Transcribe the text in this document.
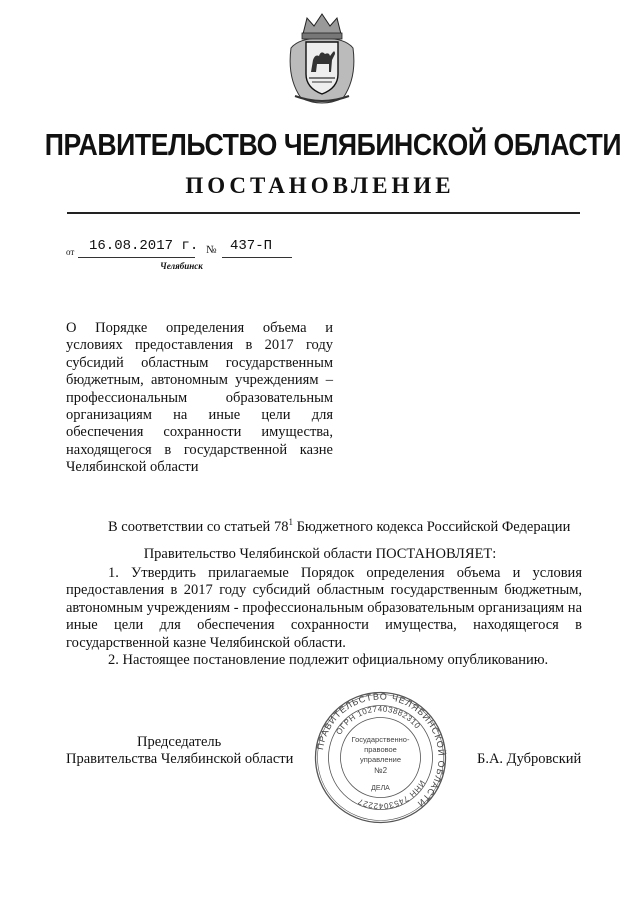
ПРАВИТЕЛЬСТВО ЧЕЛЯБИНСКОЙ ОБЛАСТИ
ПОСТАНОВЛЕНИЕ
от 16.08.2017 г. № 437-П
Челябинск

О Порядке определения объема и условиях предоставления в 2017 году субсидий областным государственным бюджетным, автономным учреждениям – профессиональным образовательным организациям на иные цели для обеспечения сохранности имущества, находящегося в государственной казне Челябинской области

В соответствии со статьей $78^1$ Бюджетного кодекса Российской Федерации

Правительство Челябинской области ПОСТАНОВЛЯЕТ:

1. Утвердить прилагаемые Порядок определения объема и условия предоставления в 2017 году субсидий областным государственным бюджетным, автономным учреждениям - профессиональным образовательным организациям на иные цели для обеспечения сохранности имущества, находящегося в государственной казне Челябинской области.

2. Настоящее постановление подлежит официальному опубликованию.

Председатель
Правительства Челябинской области	Б.А. Дубровский
ПРАВИТЕЛЬСТВО ЧЕЛЯБИНСКОЙ ОБЛАСТИ
ОГРН 1027403882310
ИНН 7453042227
Государственно-
правовое
управление
№2
ДЕЛА
